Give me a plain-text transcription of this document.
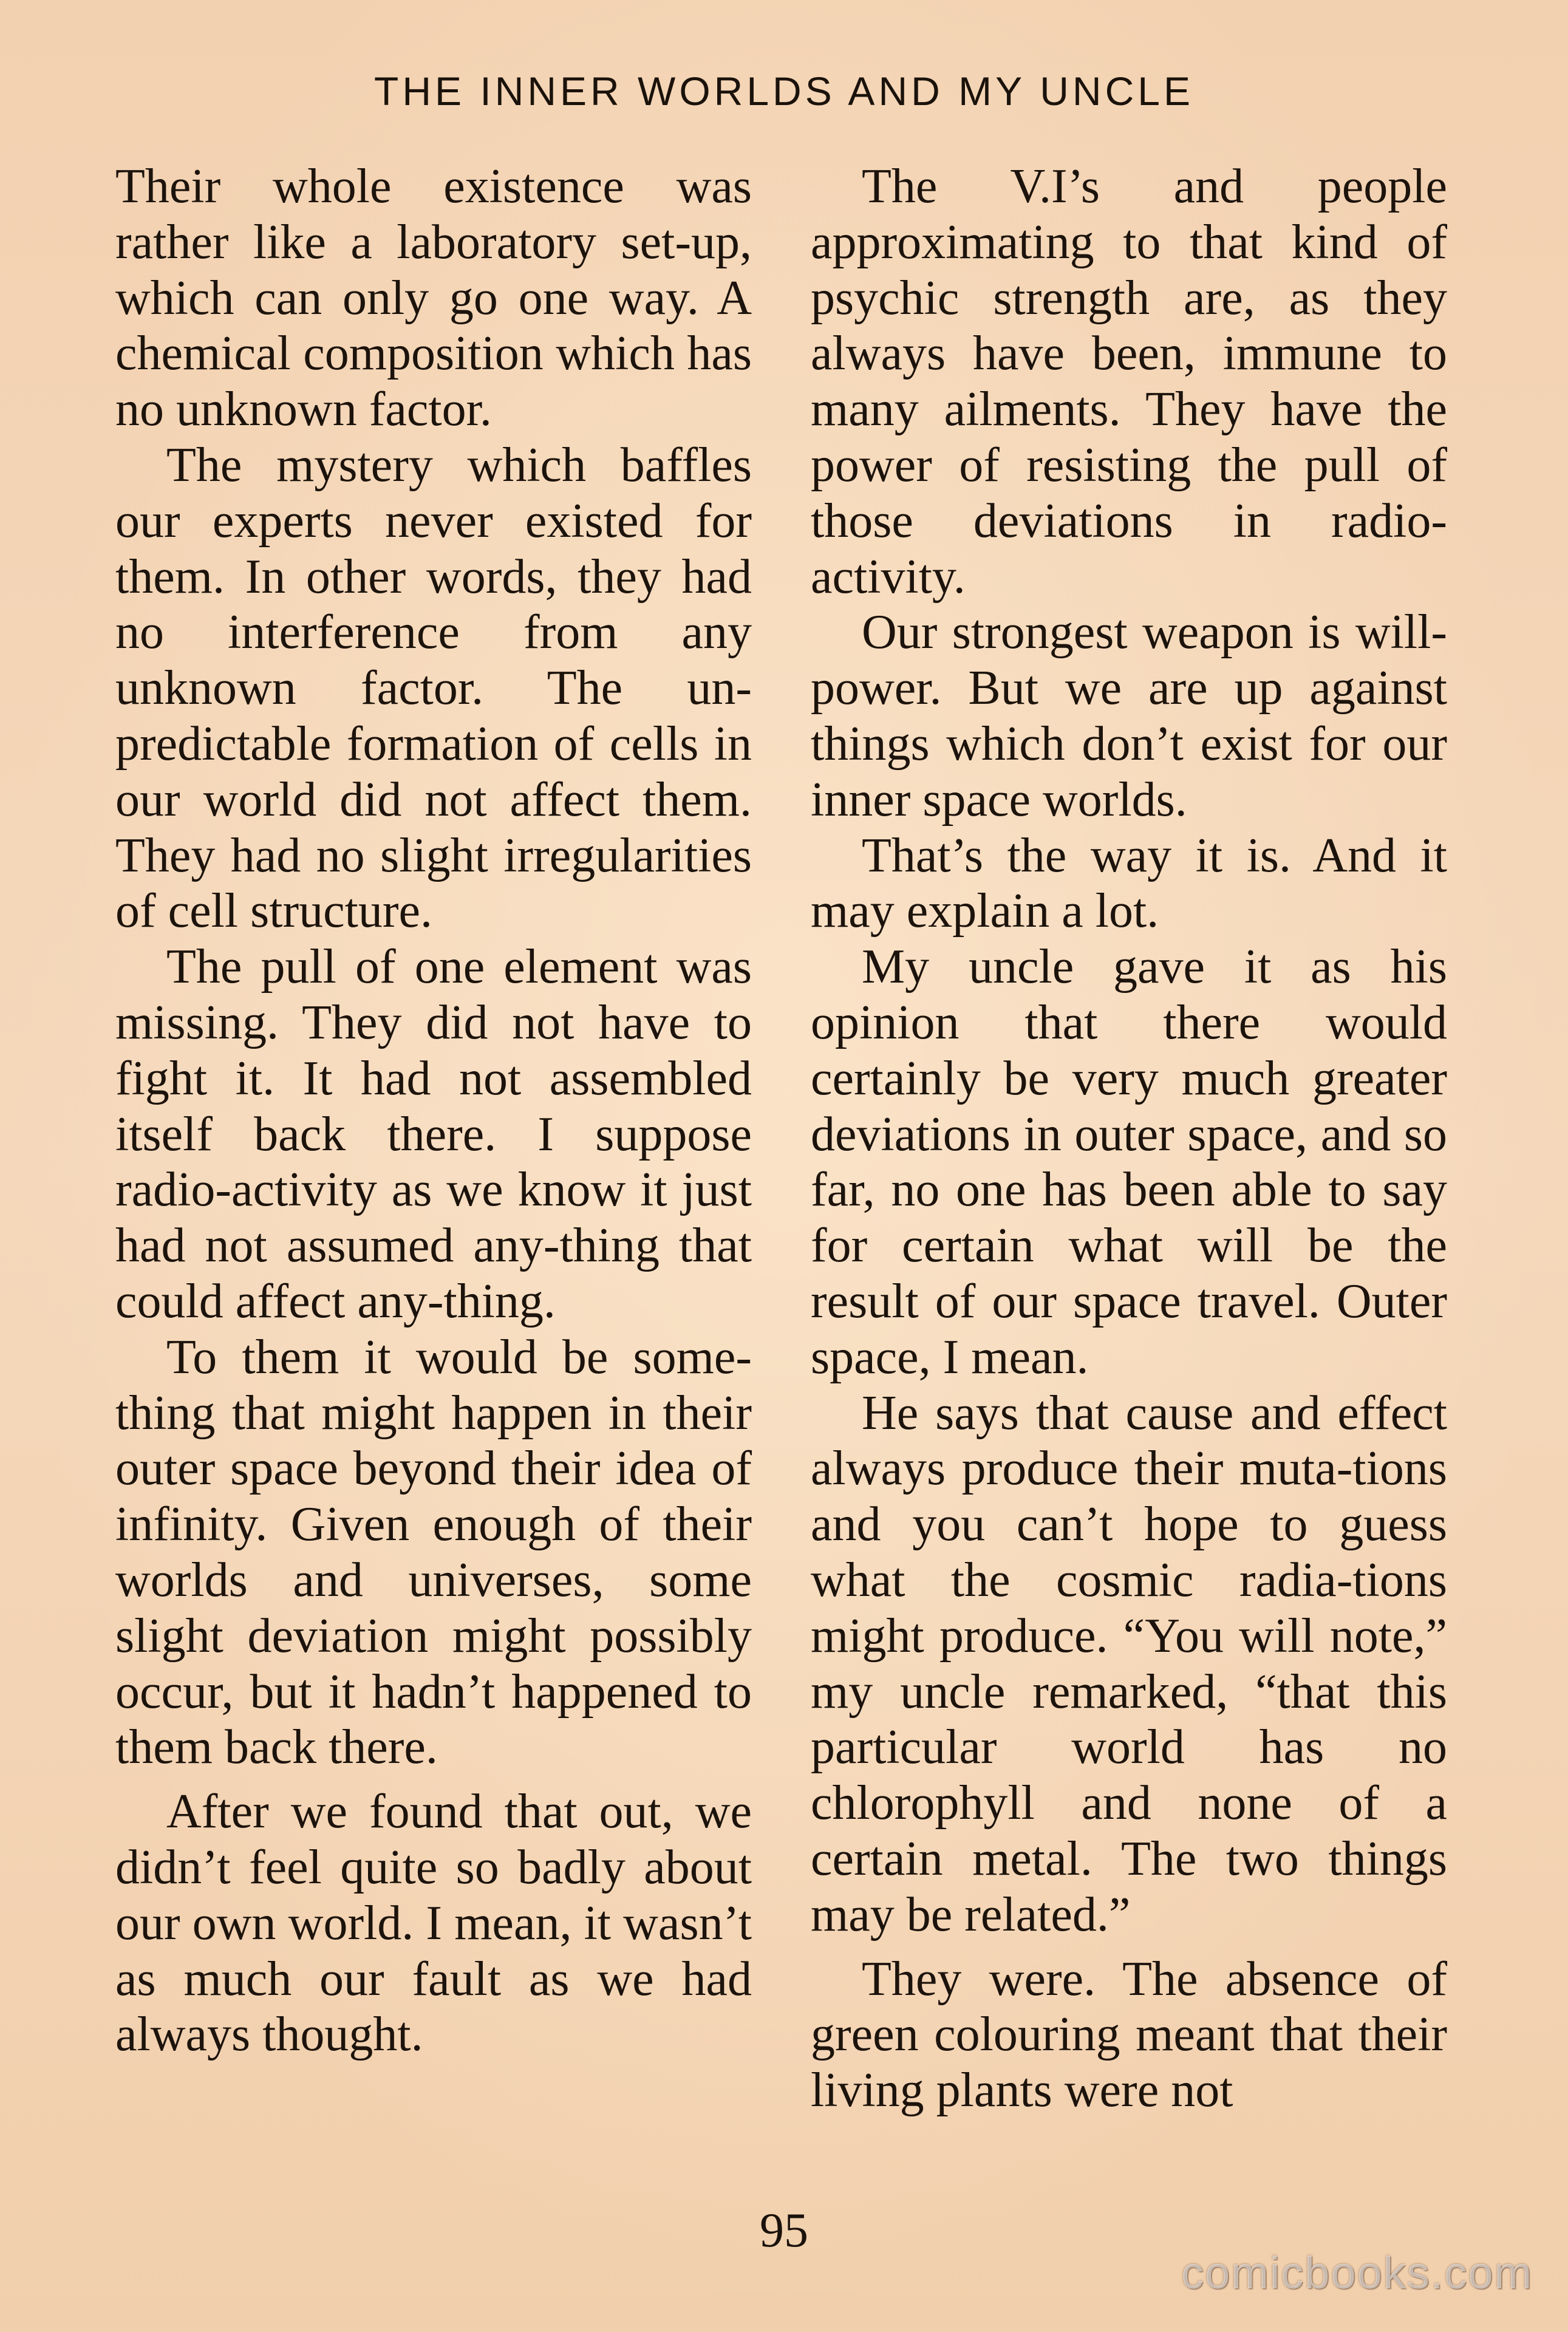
THE INNER WORLDS AND MY UNCLE

Their whole existence was rather like a laboratory set-up, which can only go one way. A chemical composition which has no unknown factor.

The mystery which baffles our experts never existed for them. In other words, they had no interference from any unknown factor. The un-predictable formation of cells in our world did not affect them. They had no slight irregularities of cell structure.

The pull of one element was missing. They did not have to fight it. It had not assembled itself back there. I suppose radio-activity as we know it just had not assumed any-thing that could affect any-thing.

To them it would be some-thing that might happen in their outer space beyond their idea of infinity. Given enough of their worlds and universes, some slight deviation might possibly occur, but it hadn’t happened to them back there.

After we found that out, we didn’t feel quite so badly about our own world. I mean, it wasn’t as much our fault as we had always thought.

The V.I’s and people approximating to that kind of psychic strength are, as they always have been, immune to many ailments. They have the power of resisting the pull of those deviations in radio-activity.

Our strongest weapon is will-power. But we are up against things which don’t exist for our inner space worlds.

That’s the way it is. And it may explain a lot.

My uncle gave it as his opinion that there would certainly be very much greater deviations in outer space, and so far, no one has been able to say for certain what will be the result of our space travel. Outer space, I mean.

He says that cause and effect always produce their muta-tions and you can’t hope to guess what the cosmic radia-tions might produce. “You will note,” my uncle remarked, “that this particular world has no chlorophyll and none of a certain metal. The two things may be related.”

They were. The absence of green colouring meant that their living plants were not

95
comicbooks.com
